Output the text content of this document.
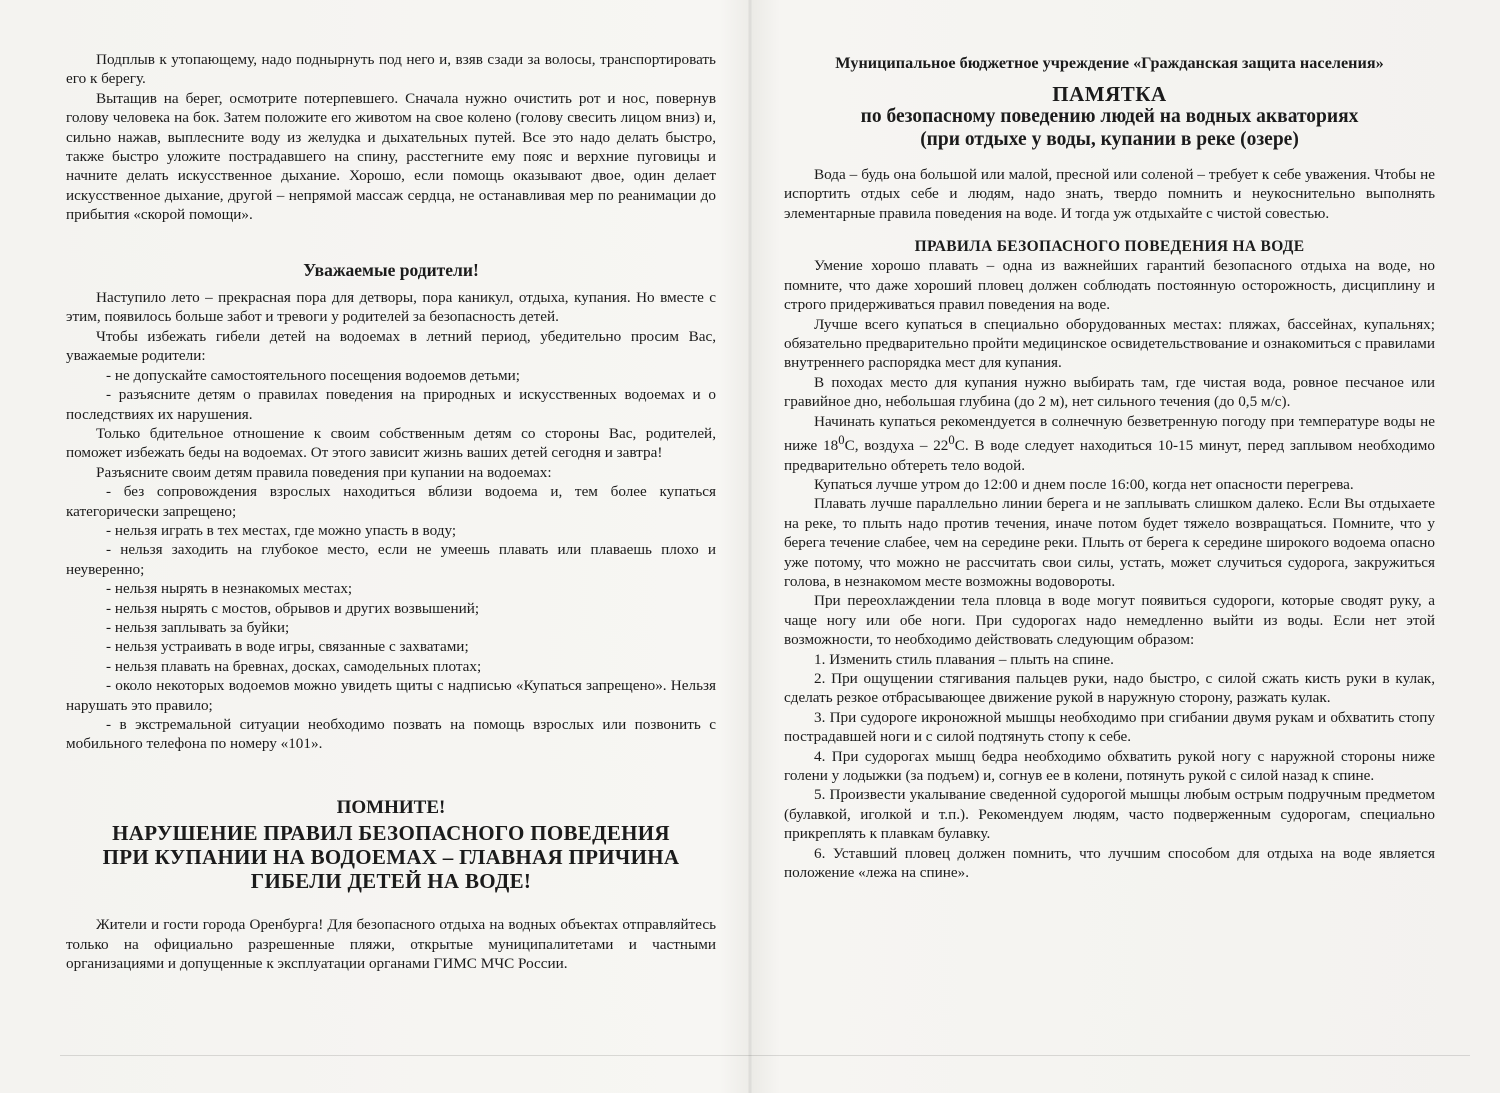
Подплыв к утопающему, надо поднырнуть под него и, взяв сзади за волосы, транспортировать его к берегу.

Вытащив на берег, осмотрите потерпевшего. Сначала нужно очистить рот и нос, повернув голову человека на бок. Затем положите его животом на свое колено (голову свесить лицом вниз) и, сильно нажав, выплесните воду из желудка и дыхательных путей. Все это надо делать быстро, также быстро уложите пострадавшего на спину, расстегните ему пояс и верхние пуговицы и начните делать искусственное дыхание. Хорошо, если помощь оказывают двое, один делает искусственное дыхание, другой – непрямой массаж сердца, не останавливая мер по реанимации до прибытия «скорой помощи».

Уважаемые родители!

Наступило лето – прекрасная пора для детворы, пора каникул, отдыха, купания. Но вместе с этим, появилось больше забот и тревоги у родителей за безопасность детей.

Чтобы избежать гибели детей на водоемах в летний период, убедительно просим Вас, уважаемые родители:

- не допускайте самостоятельного посещения водоемов детьми;

- разъясните детям о правилах поведения на природных и искусственных водоемах и о последствиях их нарушения.

Только бдительное отношение к своим собственным детям со стороны Вас, родителей, поможет избежать беды на водоемах. От этого зависит жизнь ваших детей сегодня и завтра!

Разъясните своим детям правила поведения при купании на водоемах:

- без сопровождения взрослых находиться вблизи водоема и, тем более купаться категорически запрещено;

- нельзя играть в тех местах, где можно упасть в воду;

- нельзя заходить на глубокое место, если не умеешь плавать или плаваешь плохо и неуверенно;

- нельзя нырять в незнакомых местах;

- нельзя нырять с мостов, обрывов и других возвышений;

- нельзя заплывать за буйки;

- нельзя устраивать в воде игры, связанные с захватами;

- нельзя плавать на бревнах, досках, самодельных плотах;

- около некоторых водоемов можно увидеть щиты с надписью «Купаться запрещено». Нельзя нарушать это правило;

- в экстремальной ситуации необходимо позвать на помощь взрослых или позвонить с мобильного телефона по номеру «101».

ПОМНИТЕ!
НАРУШЕНИЕ ПРАВИЛ БЕЗОПАСНОГО ПОВЕДЕНИЯ
ПРИ КУПАНИИ НА ВОДОЕМАХ – ГЛАВНАЯ ПРИЧИНА
ГИБЕЛИ ДЕТЕЙ НА ВОДЕ!

Жители и гости города Оренбурга! Для безопасного отдыха на водных объектах отправляйтесь только на официально разрешенные пляжи, открытые муниципалитетами и частными организациями и допущенные к эксплуатации органами ГИМС МЧС России.

Муниципальное бюджетное учреждение «Гражданская защита населения»
ПАМЯТКА
по безопасному поведению людей на водных акваториях
(при отдыхе у воды, купании в реке (озере)

Вода – будь она большой или малой, пресной или соленой – требует к себе уважения. Чтобы не испортить отдых себе и людям, надо знать, твердо помнить и неукоснительно выполнять элементарные правила поведения на воде. И тогда уж отдыхайте с чистой совестью.

ПРАВИЛА БЕЗОПАСНОГО ПОВЕДЕНИЯ НА ВОДЕ

Умение хорошо плавать – одна из важнейших гарантий безопасного отдыха на воде, но помните, что даже хороший пловец должен соблюдать постоянную осторожность, дисциплину и строго придерживаться правил поведения на воде.

Лучше всего купаться в специально оборудованных местах: пляжах, бассейнах, купальнях; обязательно предварительно пройти медицинское освидетельствование и ознакомиться с правилами внутреннего распорядка мест для купания.

В походах место для купания нужно выбирать там, где чистая вода, ровное песчаное или гравийное дно, небольшая глубина (до 2 м), нет сильного течения (до 0,5 м/с).

Начинать купаться рекомендуется в солнечную безветренную погоду при температуре воды не ниже $18^0С$, воздуха – $22^0С$. В воде следует находиться 10-15 минут, перед заплывом необходимо предварительно обтереть тело водой.

Купаться лучше утром до 12:00 и днем после 16:00, когда нет опасности перегрева.

Плавать лучше параллельно линии берега и не заплывать слишком далеко. Если Вы отдыхаете на реке, то плыть надо против течения, иначе потом будет тяжело возвращаться. Помните, что у берега течение слабее, чем на середине реки. Плыть от берега к середине широкого водоема опасно уже потому, что можно не рассчитать свои силы, устать, может случиться судорога, закружиться голова, в незнакомом месте возможны водовороты.

При переохлаждении тела пловца в воде могут появиться судороги, которые сводят руку, а чаще ногу или обе ноги. При судорогах надо немедленно выйти из воды. Если нет этой возможности, то необходимо действовать следующим образом:

1. Изменить стиль плавания – плыть на спине.

2. При ощущении стягивания пальцев руки, надо быстро, с силой сжать кисть руки в кулак, сделать резкое отбрасывающее движение рукой в наружную сторону, разжать кулак.

3. При судороге икроножной мышцы необходимо при сгибании двумя рукам и обхватить стопу пострадавшей ноги и с силой подтянуть стопу к себе.

4. При судорогах мышц бедра необходимо обхватить рукой ногу с наружной стороны ниже голени у лодыжки (за подъем) и, согнув ее в колени, потянуть рукой с силой назад к спине.

5. Произвести укалывание сведенной судорогой мышцы любым острым подручным предметом (булавкой, иголкой и т.п.). Рекомендуем людям, часто подверженным судорогам, специально прикреплять к плавкам булавку.

6. Уставший пловец должен помнить, что лучшим способом для отдыха на воде является положение «лежа на спине».
